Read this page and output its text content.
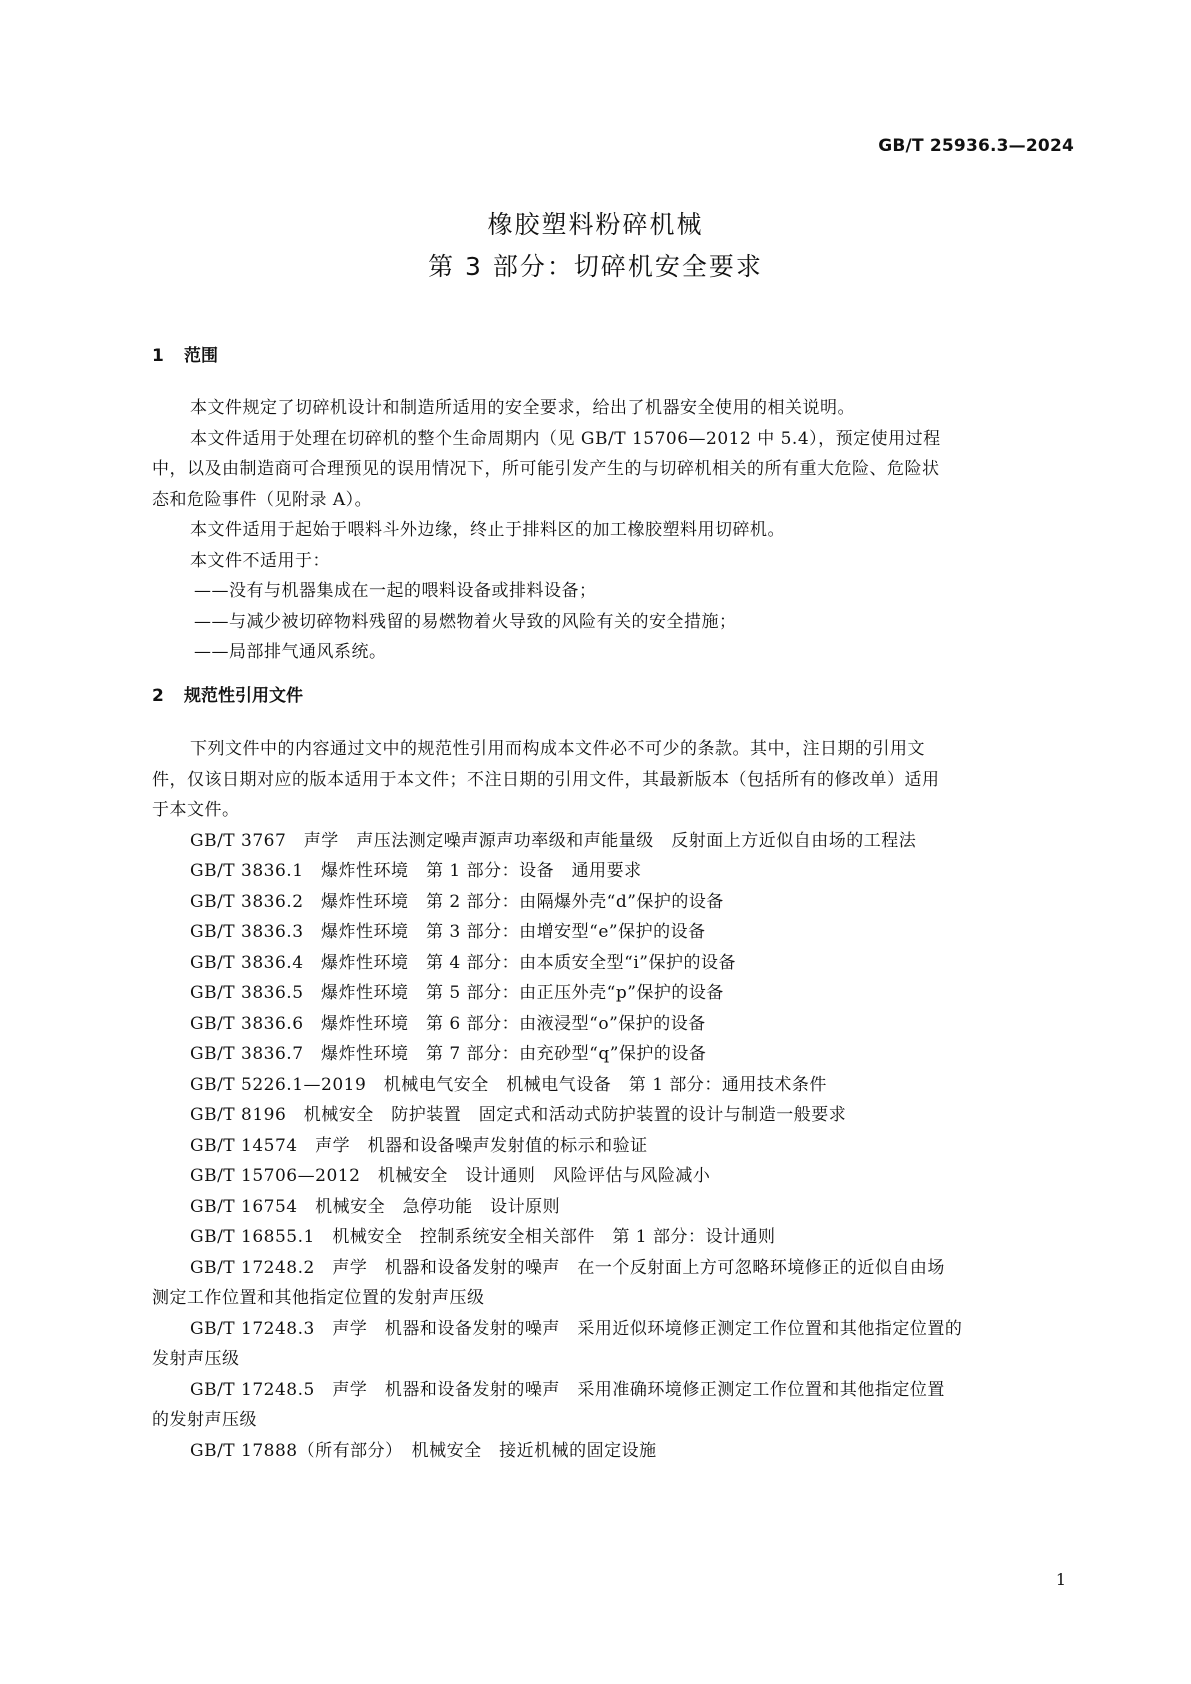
GB/T 25936.3—2024
橡胶塑料粉碎机械
第 3 部分：切碎机安全要求
1 范围
本文件规定了切碎机设计和制造所适用的安全要求，给出了机器安全使用的相关说明。
本文件适用于处理在切碎机的整个生命周期内（见 GB/T 15706—2012 中 5.4），预定使用过程
中，以及由制造商可合理预见的误用情况下，所可能引发产生的与切碎机相关的所有重大危险、危险状
态和危险事件（见附录 A）。
本文件适用于起始于喂料斗外边缘，终止于排料区的加工橡胶塑料用切碎机。
本文件不适用于：
——没有与机器集成在一起的喂料设备或排料设备；
——与减少被切碎物料残留的易燃物着火导致的风险有关的安全措施；
——局部排气通风系统。
2 规范性引用文件
下列文件中的内容通过文中的规范性引用而构成本文件必不可少的条款。其中，注日期的引用文
件，仅该日期对应的版本适用于本文件；不注日期的引用文件，其最新版本（包括所有的修改单）适用
于本文件。
GB/T 3767　声学　声压法测定噪声源声功率级和声能量级　反射面上方近似自由场的工程法
GB/T 3836.1　爆炸性环境　第 1 部分：设备　通用要求
GB/T 3836.2　爆炸性环境　第 2 部分：由隔爆外壳“d”保护的设备
GB/T 3836.3　爆炸性环境　第 3 部分：由增安型“e”保护的设备
GB/T 3836.4　爆炸性环境　第 4 部分：由本质安全型“i”保护的设备
GB/T 3836.5　爆炸性环境　第 5 部分：由正压外壳“p”保护的设备
GB/T 3836.6　爆炸性环境　第 6 部分：由液浸型“o”保护的设备
GB/T 3836.7　爆炸性环境　第 7 部分：由充砂型“q”保护的设备
GB/T 5226.1—2019　机械电气安全　机械电气设备　第 1 部分：通用技术条件
GB/T 8196　机械安全　防护装置　固定式和活动式防护装置的设计与制造一般要求
GB/T 14574　声学　机器和设备噪声发射值的标示和验证
GB/T 15706—2012　机械安全　设计通则　风险评估与风险减小
GB/T 16754　机械安全　急停功能　设计原则
GB/T 16855.1　机械安全　控制系统安全相关部件　第 1 部分：设计通则
GB/T 17248.2　声学　机器和设备发射的噪声　在一个反射面上方可忽略环境修正的近似自由场
测定工作位置和其他指定位置的发射声压级
GB/T 17248.3　声学　机器和设备发射的噪声　采用近似环境修正测定工作位置和其他指定位置的
发射声压级
GB/T 17248.5　声学　机器和设备发射的噪声　采用准确环境修正测定工作位置和其他指定位置
的发射声压级
GB/T 17888（所有部分）　机械安全　接近机械的固定设施
1
